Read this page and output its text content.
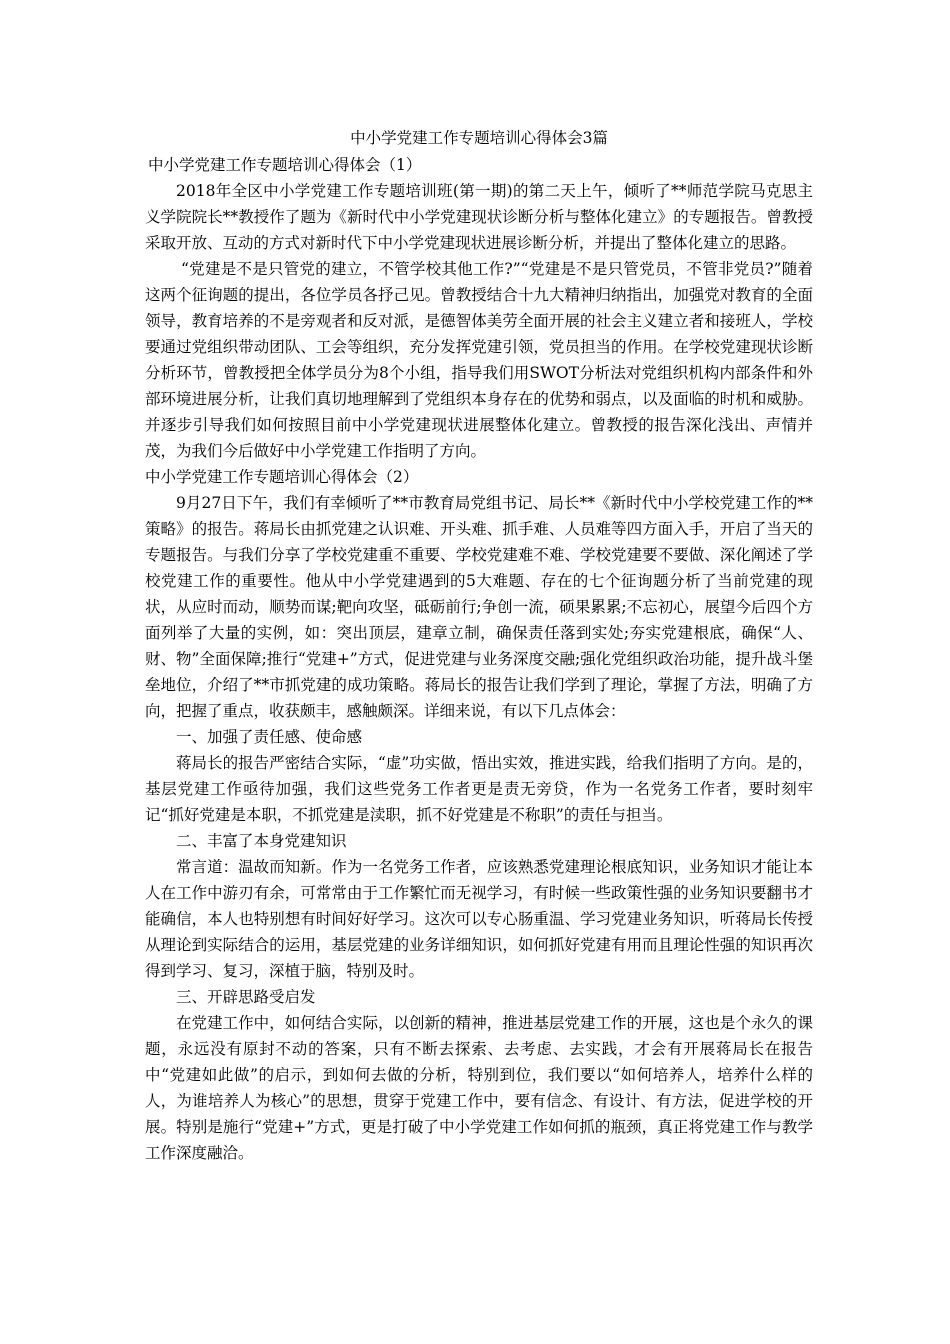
中小学党建工作专题培训心得体会3篇
中小学党建工作专题培训心得体会（1）

2018年全区中小学党建工作专题培训班(第一期)的第二天上午，倾听了**师范学院马克思主义学院院长**教授作了题为《新时代中小学党建现状诊断分析与整体化建立》的专题报告。曾教授采取开放、互动的方式对新时代下中小学党建现状进展诊断分析，并提出了整体化建立的思路。

“党建是不是只管党的建立，不管学校其他工作?”“党建是不是只管党员，不管非党员?”随着这两个征询题的提出，各位学员各抒己见。曾教授结合十九大精神归纳指出，加强党对教育的全面领导，教育培养的不是旁观者和反对派，是德智体美劳全面开展的社会主义建立者和接班人，学校要通过党组织带动团队、工会等组织，充分发挥党建引领，党员担当的作用。在学校党建现状诊断分析环节，曾教授把全体学员分为8个小组，指导我们用SWOT分析法对党组织机构内部条件和外部环境进展分析，让我们真切地理解到了党组织本身存在的优势和弱点，以及面临的时机和威胁。并逐步引导我们如何按照目前中小学党建现状进展整体化建立。曾教授的报告深化浅出、声情并茂，为我们今后做好中小学党建工作指明了方向。

中小学党建工作专题培训心得体会（2）

9月27日下午，我们有幸倾听了**市教育局党组书记、局长**《新时代中小学校党建工作的**策略》的报告。蒋局长由抓党建之认识难、开头难、抓手难、人员难等四方面入手，开启了当天的专题报告。与我们分享了学校党建重不重要、学校党建难不难、学校党建要不要做、深化阐述了学校党建工作的重要性。他从中小学党建遇到的5大难题、存在的七个征询题分析了当前党建的现状，从应时而动，顺势而谋;靶向攻坚，砥砺前行;争创一流，硕果累累;不忘初心，展望今后四个方面列举了大量的实例，如：突出顶层，建章立制，确保责任落到实处;夯实党建根底，确保“人、财、物”全面保障;推行“党建+”方式，促进党建与业务深度交融;强化党组织政治功能，提升战斗堡垒地位，介绍了**市抓党建的成功策略。蒋局长的报告让我们学到了理论，掌握了方法，明确了方向，把握了重点，收获颇丰，感触颇深。详细来说，有以下几点体会：

一、加强了责任感、使命感

蒋局长的报告严密结合实际，“虚”功实做，悟出实效，推进实践，给我们指明了方向。是的，基层党建工作亟待加强，我们这些党务工作者更是责无旁贷，作为一名党务工作者，要时刻牢记“抓好党建是本职，不抓党建是渎职，抓不好党建是不称职”的责任与担当。

二、丰富了本身党建知识

常言道：温故而知新。作为一名党务工作者，应该熟悉党建理论根底知识，业务知识才能让本人在工作中游刃有余，可常常由于工作繁忙而无视学习，有时候一些政策性强的业务知识要翻书才能确信，本人也特别想有时间好好学习。这次可以专心肠重温、学习党建业务知识，听蒋局长传授从理论到实际结合的运用，基层党建的业务详细知识，如何抓好党建有用而且理论性强的知识再次得到学习、复习，深植于脑，特别及时。

三、开辟思路受启发

在党建工作中，如何结合实际，以创新的精神，推进基层党建工作的开展，这也是个永久的课题，永远没有原封不动的答案，只有不断去探索、去考虑、去实践，才会有开展蒋局长在报告中“党建如此做”的启示，到如何去做的分析，特别到位，我们要以“如何培养人，培养什么样的人，为谁培养人为核心”的思想，贯穿于党建工作中，要有信念、有设计、有方法，促进学校的开展。特别是施行“党建+”方式，更是打破了中小学党建工作如何抓的瓶颈，真正将党建工作与教学工作深度融洽。
